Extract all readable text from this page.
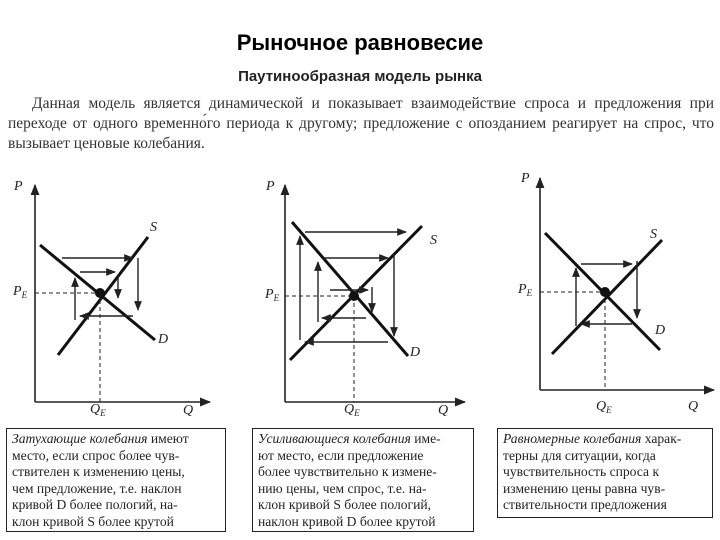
Рыночное равновесие
Паутинообразная модель рынка
Данная модель является динамической и показывает взаимодействие спроса и предложения при переходе от одного временно́го периода к другому; предложение с опозданием реагирует на спрос, что вызывает ценовые колебания.
P
Q
S
D
$P_E$
$Q_E$
P
Q
S
D
$P_E$
$Q_E$
P
Q
S
D
$P_E$
$Q_E$
Затухающие колебания имеют
место, если спрос более чув-
ствителен к изменению цены,
чем предложение, т.е. наклон
кривой D более пологий, на-
клон кривой S более крутой
Усиливающиеся колебания име-
ют место, если предложение
более чувствительно к измене-
нию цены, чем спрос, т.е. на-
клон кривой S более пологий,
наклон кривой D более крутой
Равномерные колебания харак-
терны для ситуации, когда
чувствительность спроса к
изменению цены равна чув-
ствительности предложения
